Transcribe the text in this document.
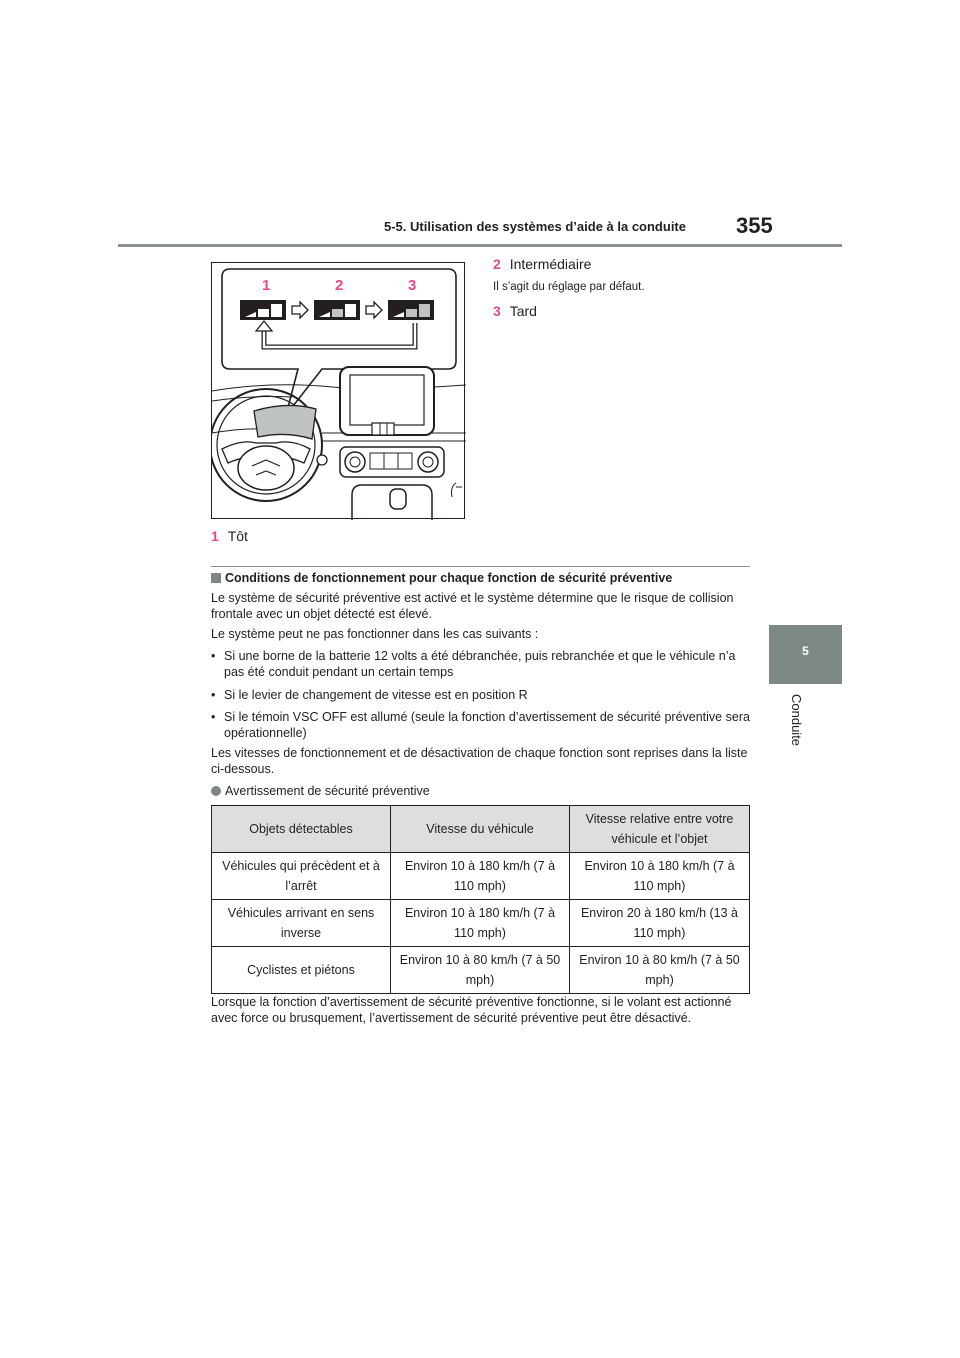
5-5. Utilisation des systèmes d’aide à la conduite 355
5
Conduite
1	2	3
1 Tôt
2 Intermédiaire
Il s’agit du réglage par défaut.
3 Tard
Conditions de fonctionnement pour chaque fonction de sécurité préventive
Le système de sécurité préventive est activé et le système détermine que le risque de collision frontale avec un objet détecté est élevé.
Le système peut ne pas fonctionner dans les cas suivants :
• Si une borne de la batterie 12 volts a été débranchée, puis rebranchée et que le véhicule n’a pas été conduit pendant un certain temps
• Si le levier de changement de vitesse est en position R
• Si le témoin VSC OFF est allumé (seule la fonction d’avertissement de sécurité préventive sera opérationnelle)
Les vitesses de fonctionnement et de désactivation de chaque fonction sont reprises dans la liste ci-dessous.
Avertissement de sécurité préventive
Objets détectables	Vitesse du véhicule	Vitesse relative entre votre véhicule et l’objet
Véhicules qui précèdent et à l’arrêt	Environ 10 à 180 km/h (7 à 110 mph)	Environ 10 à 180 km/h (7 à 110 mph)
Véhicules arrivant en sens inverse	Environ 10 à 180 km/h (7 à 110 mph)	Environ 20 à 180 km/h (13 à 110 mph)
Cyclistes et piétons	Environ 10 à 80 km/h (7 à 50 mph)	Environ 10 à 80 km/h (7 à 50 mph)
Lorsque la fonction d’avertissement de sécurité préventive fonctionne, si le volant est actionné avec force ou brusquement, l’avertissement de sécurité préventive peut être désactivé.
